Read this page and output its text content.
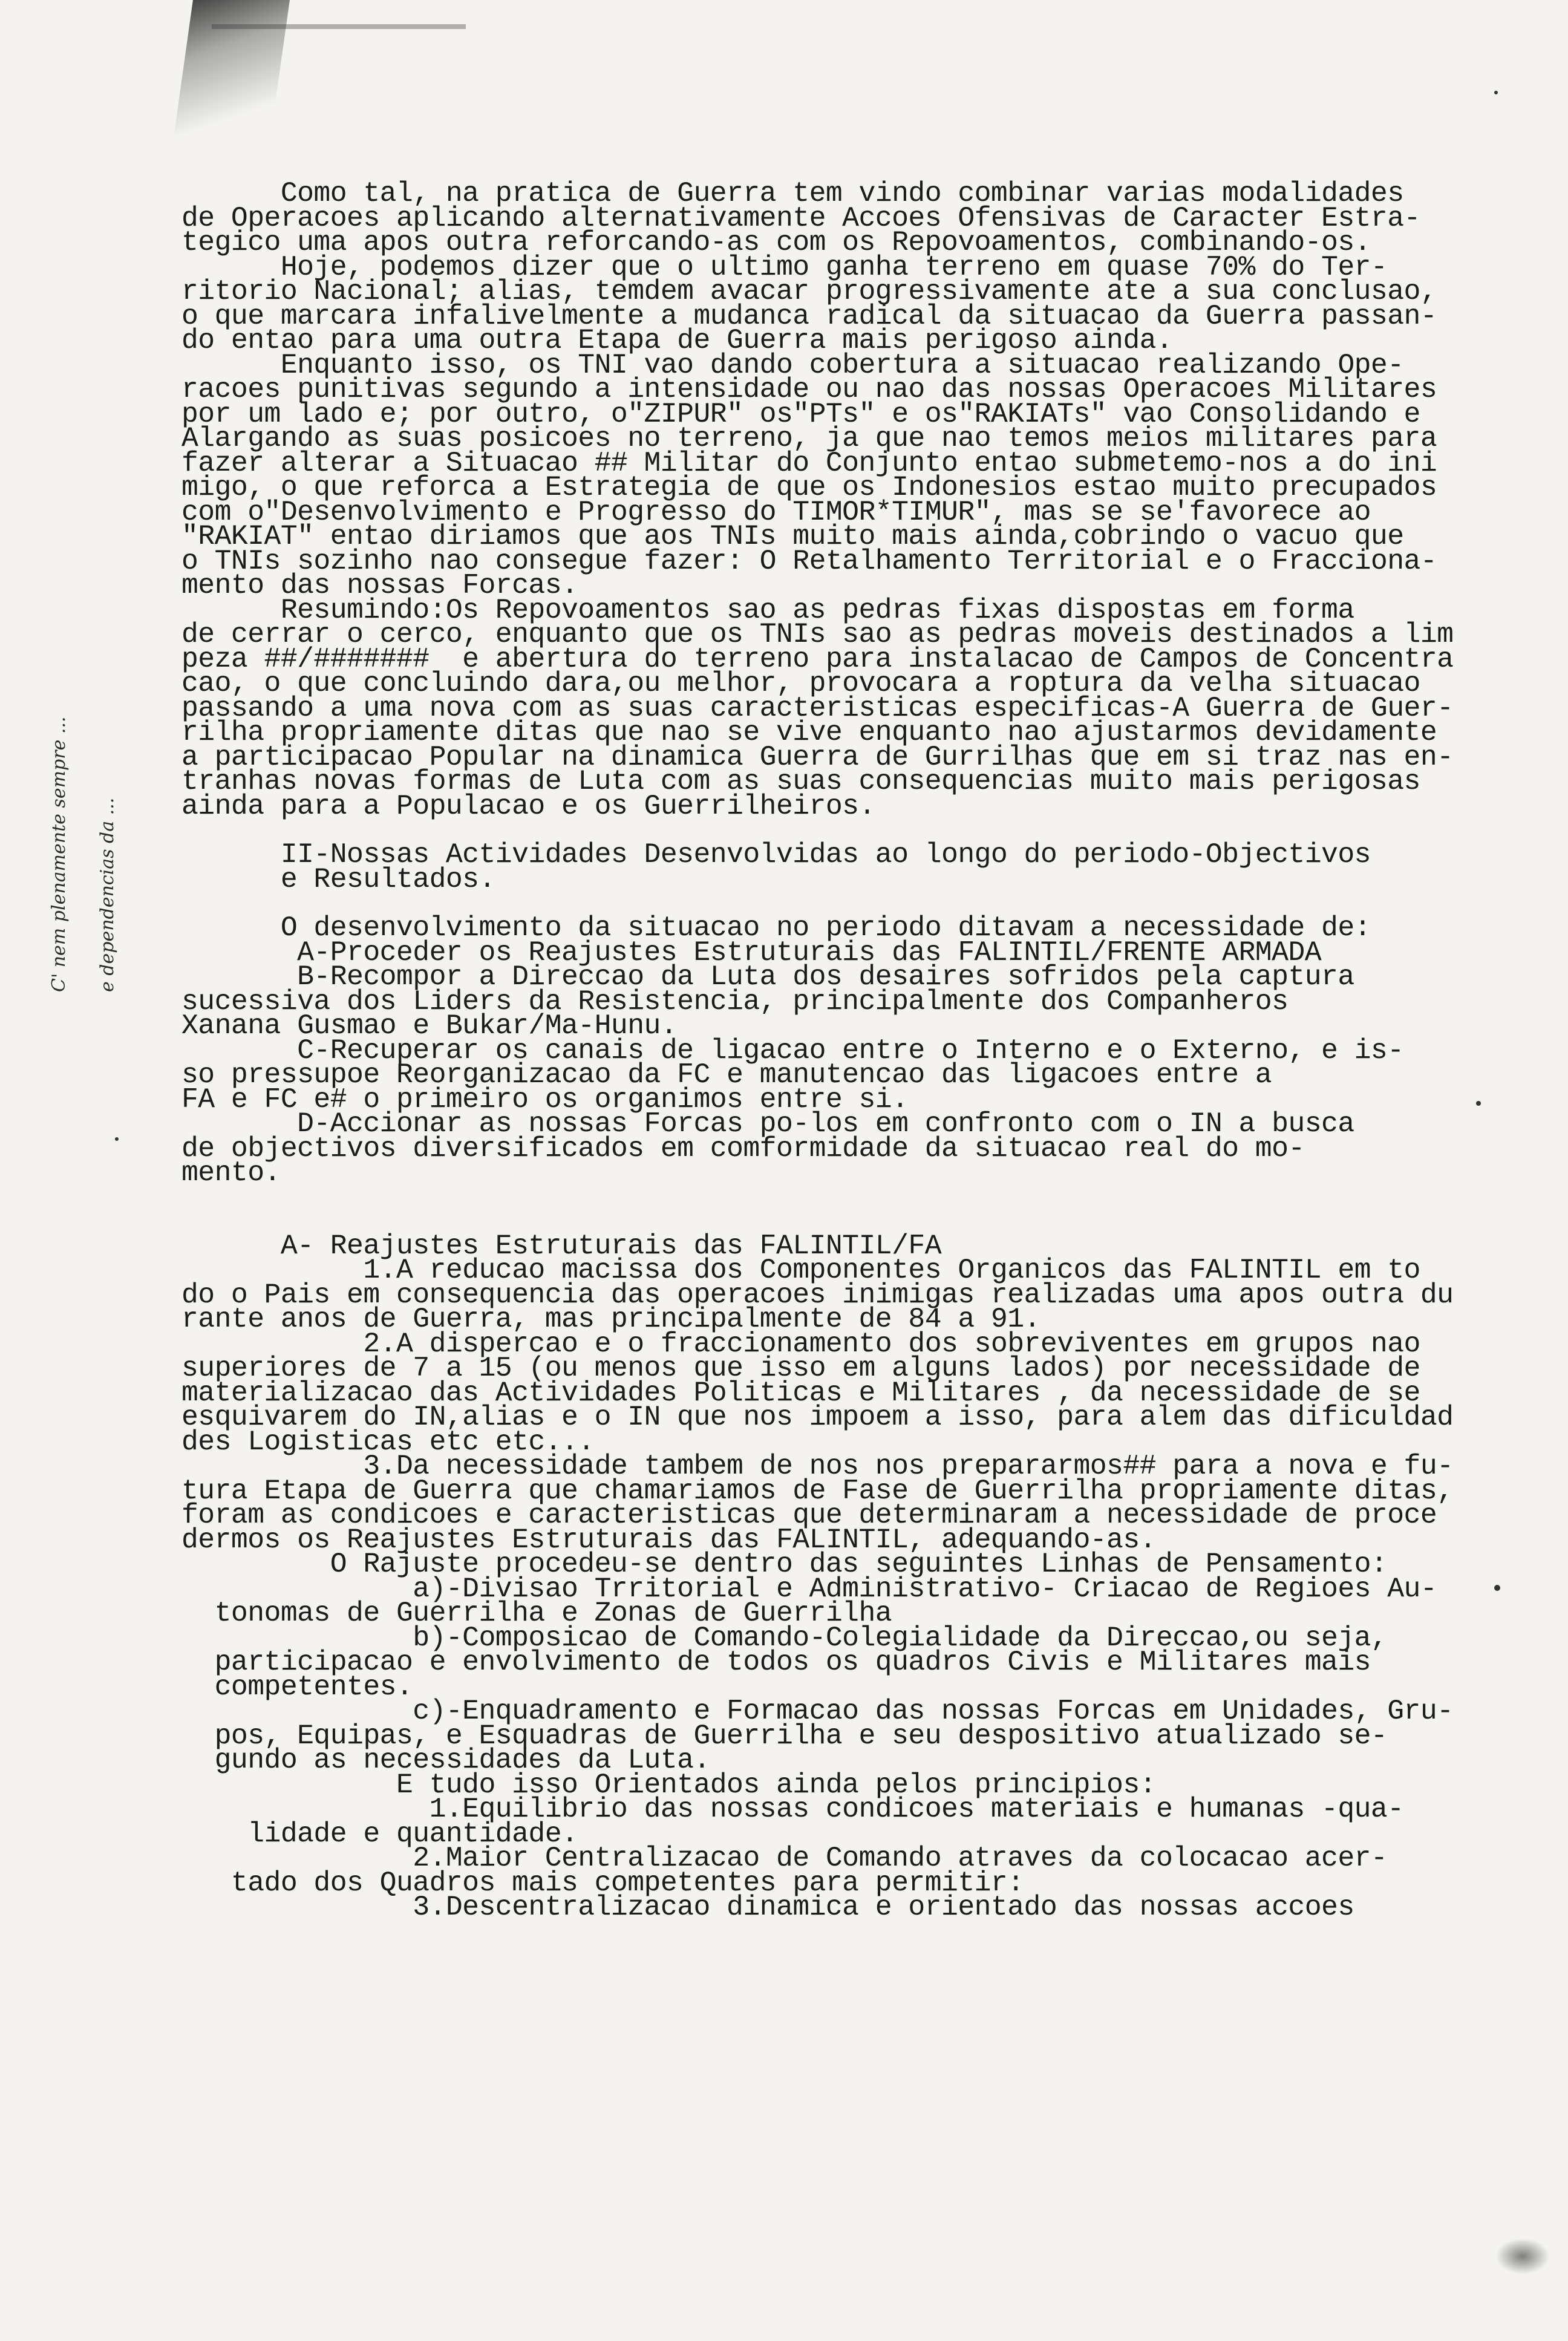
C' nem plenamente sempre ... e dependencias da ...

Como tal, na pratica de Guerra tem vindo combinar varias modalidades

de Operacoes aplicando alternativamente Accoes Ofensivas de Caracter Estra-

tegico uma apos outra reforcando-as com os Repovoamentos, combinando-os.

Hoje, podemos dizer que o ultimo ganha terreno em quase 70% do Ter-

ritorio Nacional; alias, temdem avacar progressivamente ate a sua conclusao,

o que marcara infalivelmente a mudanca radical da situacao da Guerra passan-

do entao para uma outra Etapa de Guerra mais perigoso ainda.

Enquanto isso, os TNI vao dando cobertura a situacao realizando Ope-

racoes punitivas segundo a intensidade ou nao das nossas Operacoes Militares

por um lado e; por outro, o"ZIPUR" os"PTs" e os"RAKIATs" vao Consolidando e

Alargando as suas posicoes no terreno, ja que nao temos meios militares para

fazer alterar a Situacao ## Militar do Conjunto entao submetemo-nos a do ini

migo, o que reforca a Estrategia de que os Indonesios estao muito precupados

com o"Desenvolvimento e Progresso do TIMOR*TIMUR", mas se se'favorece ao

"RAKIAT" entao diriamos que aos TNIs muito mais ainda,cobrindo o vacuo que

o TNIs sozinho nao consegue fazer: O Retalhamento Territorial e o Fracciona-

mento das nossas Forcas.

Resumindo:Os Repovoamentos sao as pedras fixas dispostas em forma

de cerrar o cerco, enquanto que os TNIs sao as pedras moveis destinados a lim

peza ##/#######  e abertura do terreno para instalacao de Campos de Concentra

cao, o que concluindo dara,ou melhor, provocara a roptura da velha situacao

passando a uma nova com as suas caracteristicas especificas-A Guerra de Guer-

rilha propriamente ditas que nao se vive enquanto nao ajustarmos devidamente

a participacao Popular na dinamica Guerra de Gurrilhas que em si traz nas en-

tranhas novas formas de Luta com as suas consequencias muito mais perigosas

ainda para a Populacao e os Guerrilheiros.

II-Nossas Actividades Desenvolvidas ao longo do periodo-Objectivos

e Resultados.

O desenvolvimento da situacao no periodo ditavam a necessidade de:

A-Proceder os Reajustes Estruturais das FALINTIL/FRENTE ARMADA

B-Recompor a Direccao da Luta dos desaires sofridos pela captura

sucessiva dos Liders da Resistencia, principalmente dos Companheros

Xanana Gusmao e Bukar/Ma-Hunu.

C-Recuperar os canais de ligacao entre o Interno e o Externo, e is-

so pressupoe Reorganizacao da FC e manutencao das ligacoes entre a

FA e FC e# o primeiro os organimos entre si.

D-Accionar as nossas Forcas po-los em confronto com o IN a busca

de objectivos diversificados em comformidade da situacao real do mo-

mento.

A- Reajustes Estruturais das FALINTIL/FA

1.A reducao macissa dos Componentes Organicos das FALINTIL em to

do o Pais em consequencia das operacoes inimigas realizadas uma apos outra du

rante anos de Guerra, mas principalmente de 84 a 91.

2.A dispercao e o fraccionamento dos sobreviventes em grupos nao

superiores de 7 a 15 (ou menos que isso em alguns lados) por necessidade de

materializacao das Actividades Politicas e Militares , da necessidade de se

esquivarem do IN,alias e o IN que nos impoem a isso, para alem das dificuldad

des Logisticas etc etc...

3.Da necessidade tambem de nos nos prepararmos## para a nova e fu-

tura Etapa de Guerra que chamariamos de Fase de Guerrilha propriamente ditas,

foram as condicoes e caracteristicas que determinaram a necessidade de proce

dermos os Reajustes Estruturais das FALINTIL, adequando-as.

O Rajuste procedeu-se dentro das seguintes Linhas de Pensamento:

a)-Divisao Trritorial e Administrativo- Criacao de Regioes Au-

tonomas de Guerrilha e Zonas de Guerrilha

b)-Composicao de Comando-Colegialidade da Direccao,ou seja,

participacao e envolvimento de todos os quadros Civis e Militares mais

competentes.

c)-Enquadramento e Formacao das nossas Forcas em Unidades, Gru-

pos, Equipas, e Esquadras de Guerrilha e seu despositivo atualizado se-

gundo as necessidades da Luta.

E tudo isso Orientados ainda pelos principios:

1.Equilibrio das nossas condicoes materiais e humanas -qua-

lidade e quantidade.

2.Maior Centralizacao de Comando atraves da colocacao acer-

tado dos Quadros mais competentes para permitir:

3.Descentralizacao dinamica e orientado das nossas accoes
